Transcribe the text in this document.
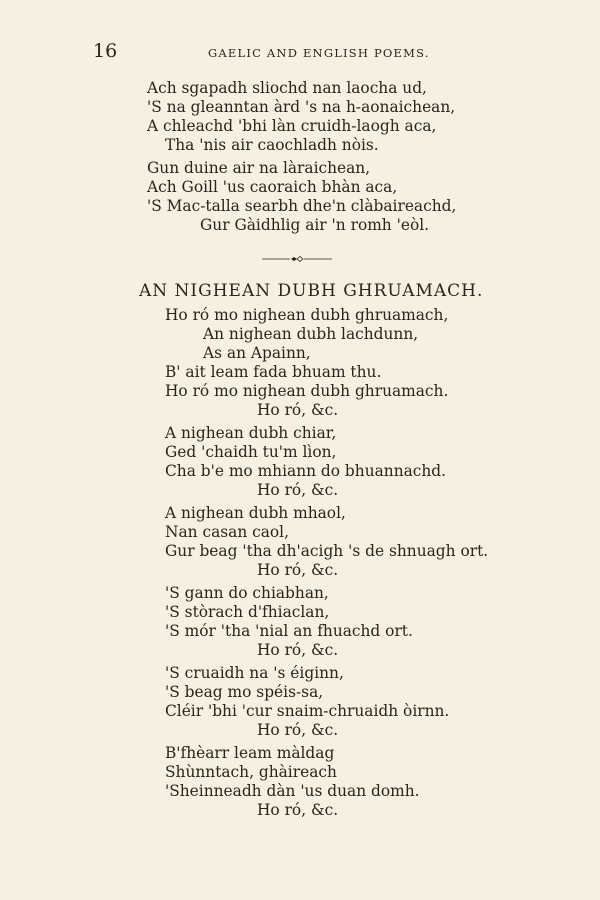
16	GAELIC AND ENGLISH POEMS.
Ach sgapadh sliochd nan laocha ud,
'S na gleanntan àrd 's na h-aonaichean,
A chleachd 'bhi làn cruidh-laogh aca,
Tha 'nis air caochladh nòis.
Gun duine air na làraichean,
Ach Goill 'us caoraich bhàn aca,
'S Mac-talla searbh dhe'n clàbaireachd,
Gur Gàidhlig air 'n romh 'eòl.
AN NIGHEAN DUBH GHRUAMACH.
Ho ró mo nighean dubh ghruamach,
An nighean dubh lachdunn,
As an Apainn,
B' ait leam fada bhuam thu.
Ho ró mo nighean dubh ghruamach.
Ho ró, &c.
A nighean dubh chiar,
Ged 'chaidh tu'm lìon,
Cha b'e mo mhiann do bhuannachd.
Ho ró, &c.
A nighean dubh mhaol,
Nan casan caol,
Gur beag 'tha dh'acigh 's de shnuagh ort.
Ho ró, &c.
'S gann do chiabhan,
'S stòrach d'fhiaclan,
'S mór 'tha 'nial an fhuachd ort.
Ho ró, &c.
'S cruaidh na 's éiginn,
'S beag mo spéis-sa,
Cléir 'bhi 'cur snaim-chruaidh òirnn.
Ho ró, &c.
B'fhèarr leam màldag
Shùnntach, ghàireach
'Sheinneadh dàn 'us duan domh.
Ho ró, &c.
